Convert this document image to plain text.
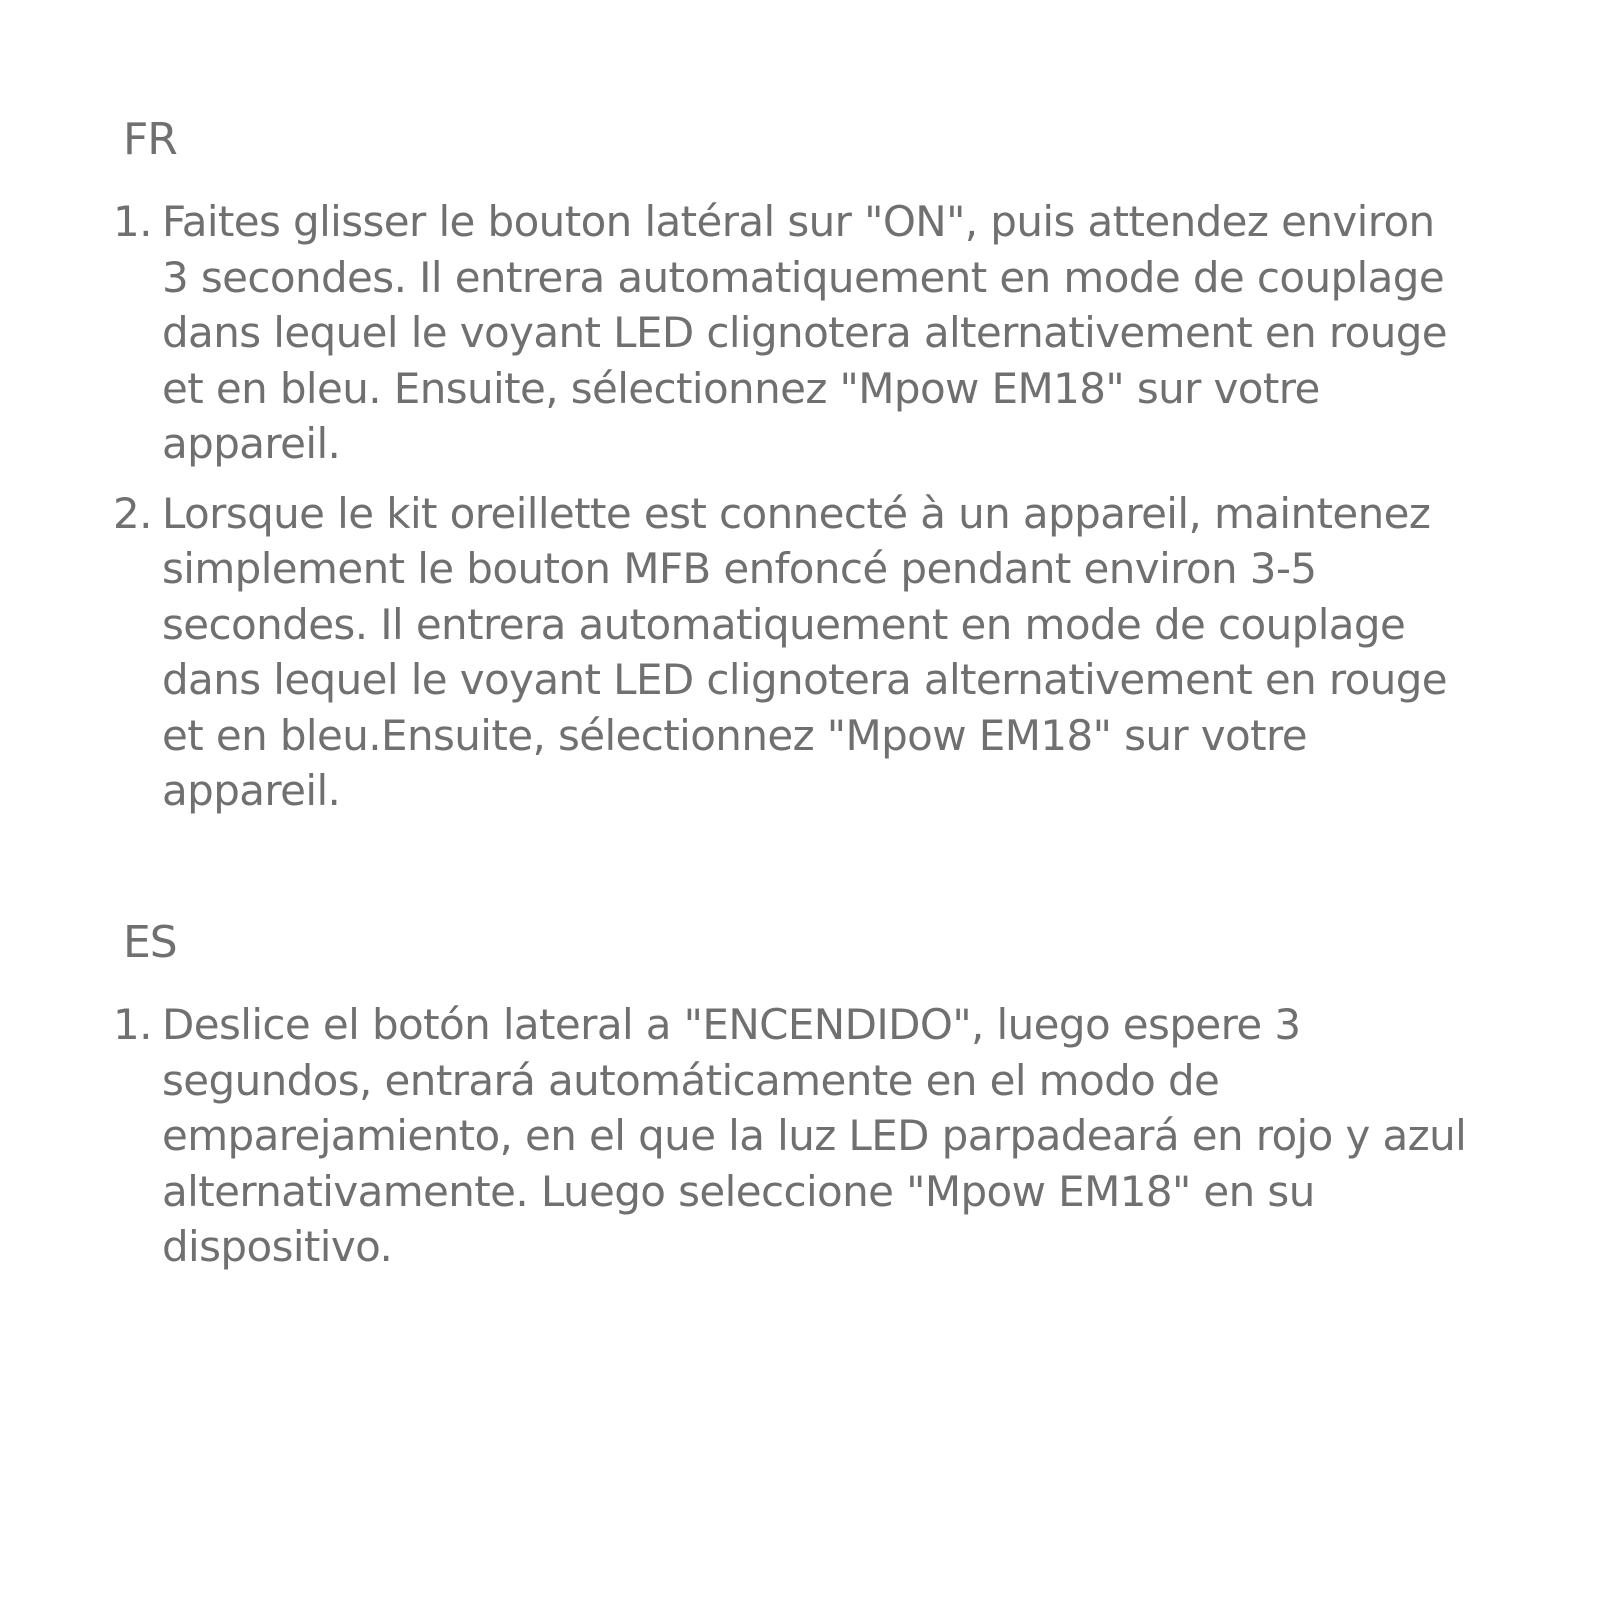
FR
1. Faites glisser le bouton latéral sur "ON", puis attendez environ 3 secondes. Il entrera automatiquement en mode de couplage dans lequel le voyant LED clignotera alternativement en rouge et en bleu. Ensuite, sélectionnez "Mpow EM18" sur votre appareil.
2. Lorsque le kit oreillette est connecté à un appareil, maintenez simplement le bouton MFB enfoncé pendant environ 3-5 secondes. Il entrera automatiquement en mode de couplage dans lequel le voyant LED clignotera alternativement en rouge et en bleu.Ensuite, sélectionnez "Mpow EM18" sur votre appareil.
ES
1. Deslice el botón lateral a "ENCENDIDO", luego espere 3 segundos, entrará automáticamente en el modo de emparejamiento, en el que la luz LED parpadeará en rojo y azul alternativamente. Luego seleccione "Mpow EM18" en su dispositivo.
